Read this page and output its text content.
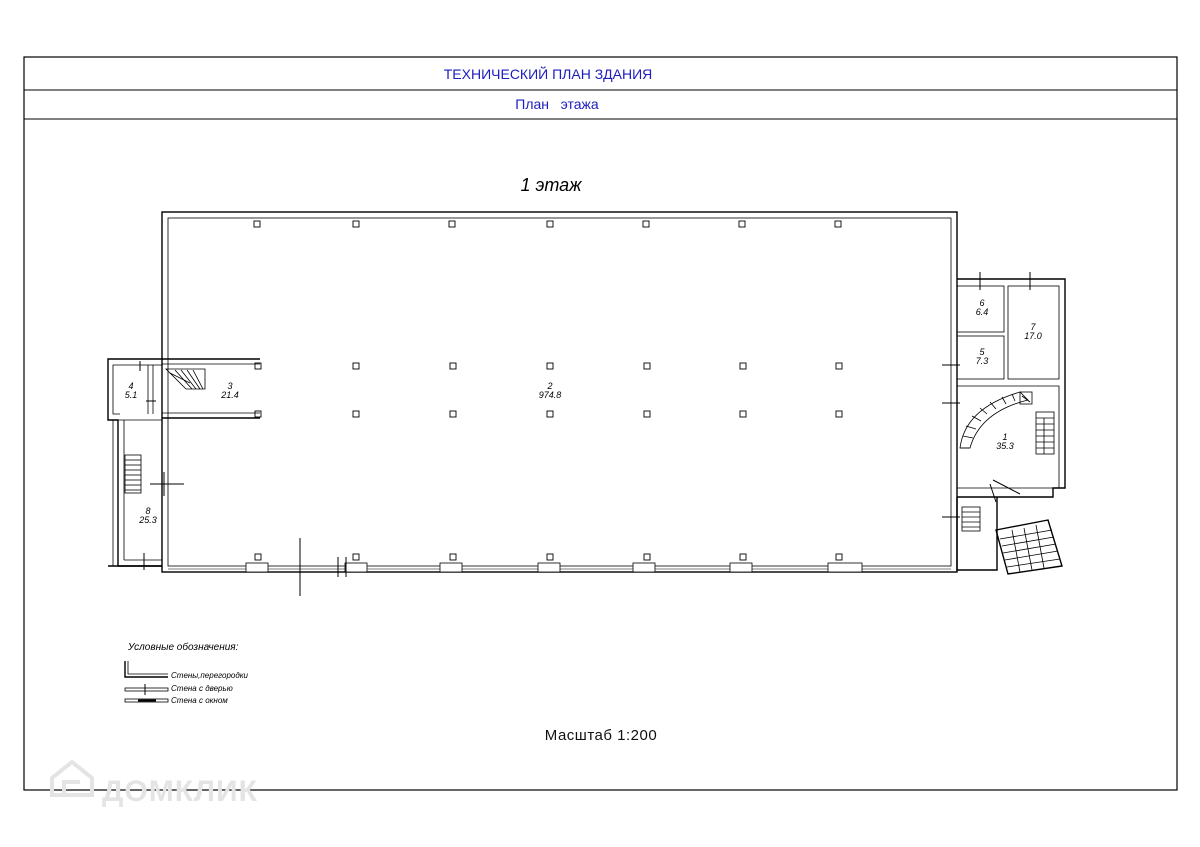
ТЕХНИЧЕСКИЙ ПЛАН ЗДАНИЯ
План   этажа
1 этаж
2
974.8
3
21.4
4
5.1
8
25.3
6
6.4
5
7.3
7
17.0
1
35.3
Условные обозначения:
Стены,перегородки
Стена с дверью
Стена с окном
Масштаб 1:200
ДОМКЛИК
